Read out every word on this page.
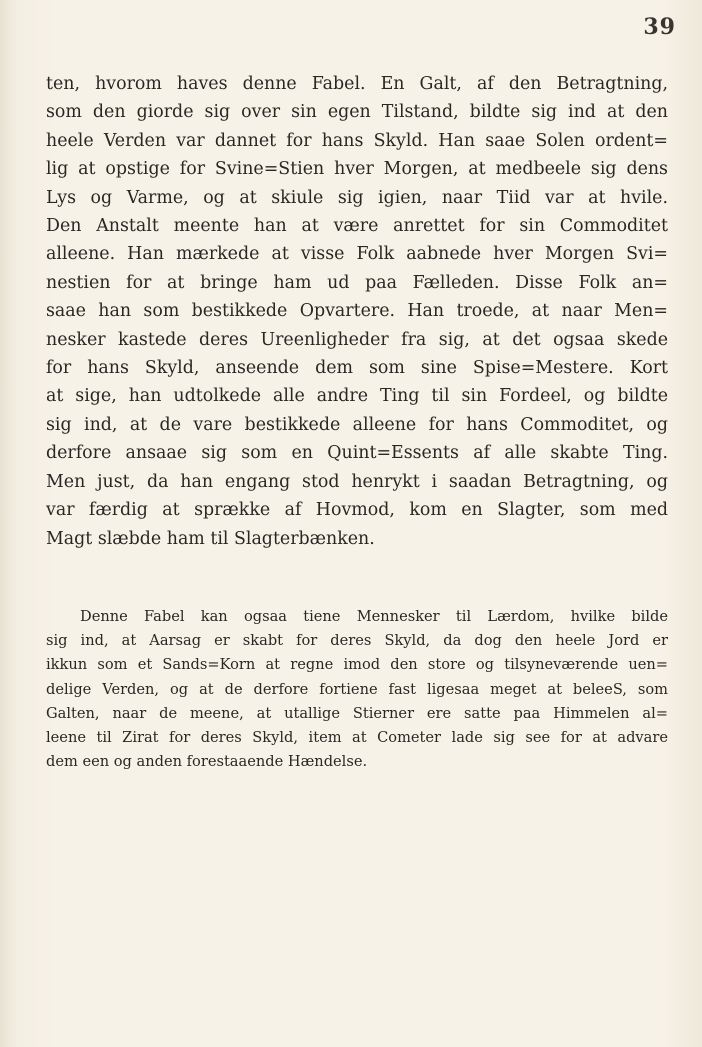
39
ten, hvorom haves denne Fabel. En Galt, af den Betragtning,
som den giorde sig over sin egen Tilstand, bildte sig ind at den
heele Verden var dannet for hans Skyld. Han saae Solen ordent=
lig at opstige for Svine=Stien hver Morgen, at medbeele sig dens
Lys og Varme, og at skiule sig igien, naar Tiid var at hvile.
Den Anstalt meente han at være anrettet for sin Commoditet
alleene. Han mærkede at visse Folk aabnede hver Morgen Svi=
nestien for at bringe ham ud paa Fælleden. Disse Folk an=
saae han som bestikkede Opvartere. Han troede, at naar Men=
nesker kastede deres Ureenligheder fra sig, at det ogsaa skede
for hans Skyld, anseende dem som sine Spise=Mestere. Kort
at sige, han udtolkede alle andre Ting til sin Fordeel, og bildte
sig ind, at de vare bestikkede alleene for hans Commoditet, og
derfore ansaae sig som en Quint=Essents af alle skabte Ting.
Men just, da han engang stod henrykt i saadan Betragtning, og
var færdig at sprække af Hovmod, kom en Slagter, som med
Magt slæbde ham til Slagterbænken.
Denne Fabel kan ogsaa tiene Mennesker til Lærdom, hvilke bilde
sig ind, at Aarsag er skabt for deres Skyld, da dog den heele Jord er
ikkun som et Sands=Korn at regne imod den store og tilsyneværende uen=
delige Verden, og at de derfore fortiene fast ligesaa meget at beleeS, som
Galten, naar de meene, at utallige Stierner ere satte paa Himmelen al=
leene til Zirat for deres Skyld, item at Cometer lade sig see for at advare
dem een og anden forestaaende Hændelse.
